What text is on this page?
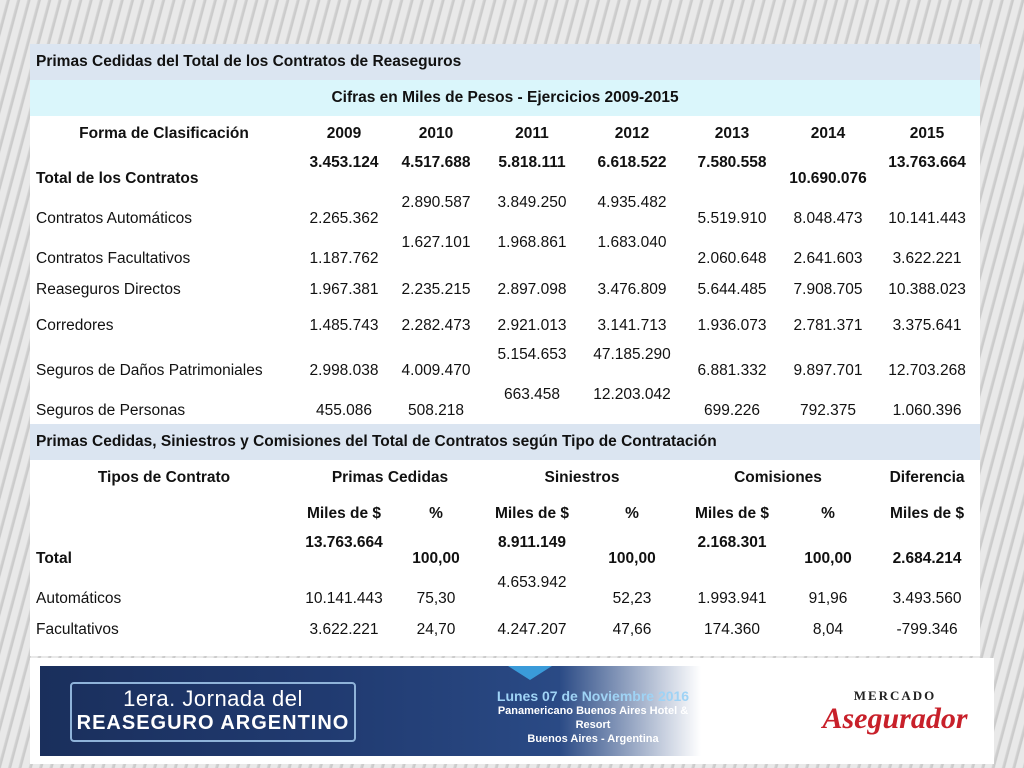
Primas Cedidas del Total de los Contratos de Reaseguros							
Cifras en Miles de Pesos - Ejercicios 2009-2015							
Forma de Clasificación	2009	2010	2011	2012	2013	2014	2015
Total de los Contratos	3.453.124	4.517.688	5.818.111	6.618.522	7.580.558	10.690.076	13.763.664
Contratos Automáticos	2.265.362	2.890.587	3.849.250	4.935.482	5.519.910	8.048.473	10.141.443
Contratos Facultativos	1.187.762	1.627.101	1.968.861	1.683.040	2.060.648	2.641.603	3.622.221
Reaseguros Directos	1.967.381	2.235.215	2.897.098	3.476.809	5.644.485	7.908.705	10.388.023
Corredores	1.485.743	2.282.473	2.921.013	3.141.713	1.936.073	2.781.371	3.375.641
Seguros de Daños Patrimoniales	2.998.038	4.009.470	5.154.653	47.185.290	6.881.332	9.897.701	12.703.268
Seguros de Personas	455.086	508.218	663.458	12.203.042	699.226	792.375	1.060.396
Primas Cedidas, Siniestros y Comisiones del Total de Contratos según Tipo de Contratación							
Tipos de Contrato	Primas Cedidas		Siniestros		Comisiones		Diferencia
	Miles de $	%	Miles de $	%	Miles de $	%	Miles de $
Total	13.763.664	100,00	8.911.149	100,00	2.168.301	100,00	2.684.214
Automáticos	10.141.443	75,30	4.653.942	52,23	1.993.941	91,96	3.493.560
Facultativos	3.622.221	24,70	4.247.207	47,66	174.360	8,04	-799.346
1era. Jornada del
REASEGURO ARGENTINO
Lunes 07 de Noviembre 2016
Panamericano Buenos Aires Hotel & Resort
Buenos Aires - Argentina
MERCADO
Asegurador
